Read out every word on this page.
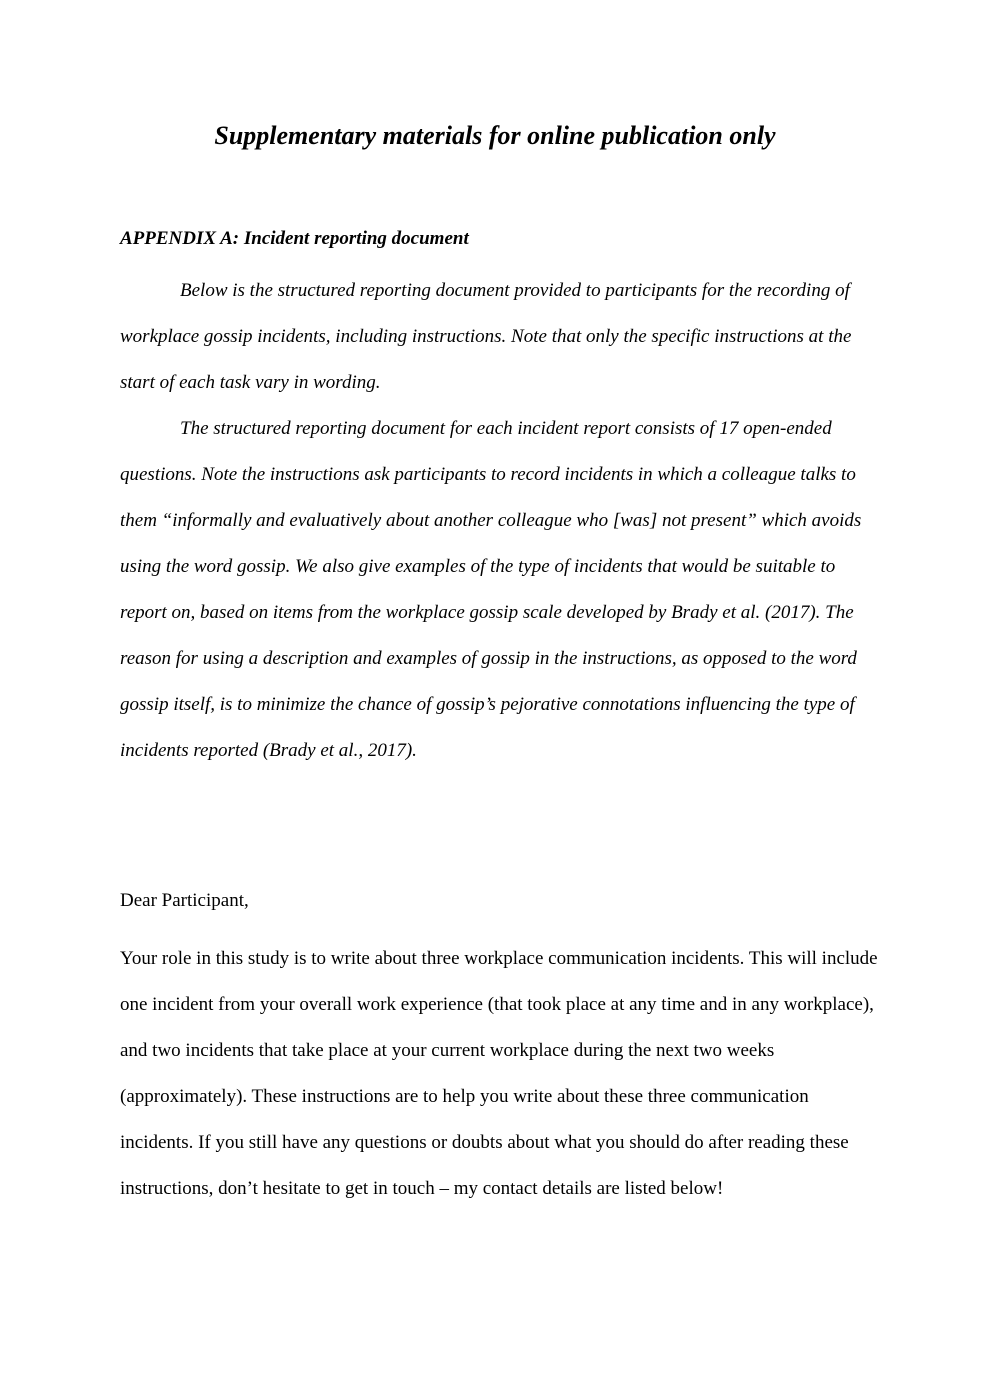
Supplementary materials for online publication only
APPENDIX A: Incident reporting document

Below is the structured reporting document provided to participants for the recording of workplace gossip incidents, including instructions. Note that only the specific instructions at the start of each task vary in wording.

The structured reporting document for each incident report consists of 17 open-ended questions. Note the instructions ask participants to record incidents in which a colleague talks to them “informally and evaluatively about another colleague who [was] not present” which avoids using the word gossip. We also give examples of the type of incidents that would be suitable to report on, based on items from the workplace gossip scale developed by Brady et al. (2017). The reason for using a description and examples of gossip in the instructions, as opposed to the word gossip itself, is to minimize the chance of gossip’s pejorative connotations influencing the type of incidents reported (Brady et al., 2017).

Dear Participant,

Your role in this study is to write about three workplace communication incidents. This will include one incident from your overall work experience (that took place at any time and in any workplace), and two incidents that take place at your current workplace during the next two weeks (approximately). These instructions are to help you write about these three communication incidents. If you still have any questions or doubts about what you should do after reading these instructions, don’t hesitate to get in touch – my contact details are listed below!
